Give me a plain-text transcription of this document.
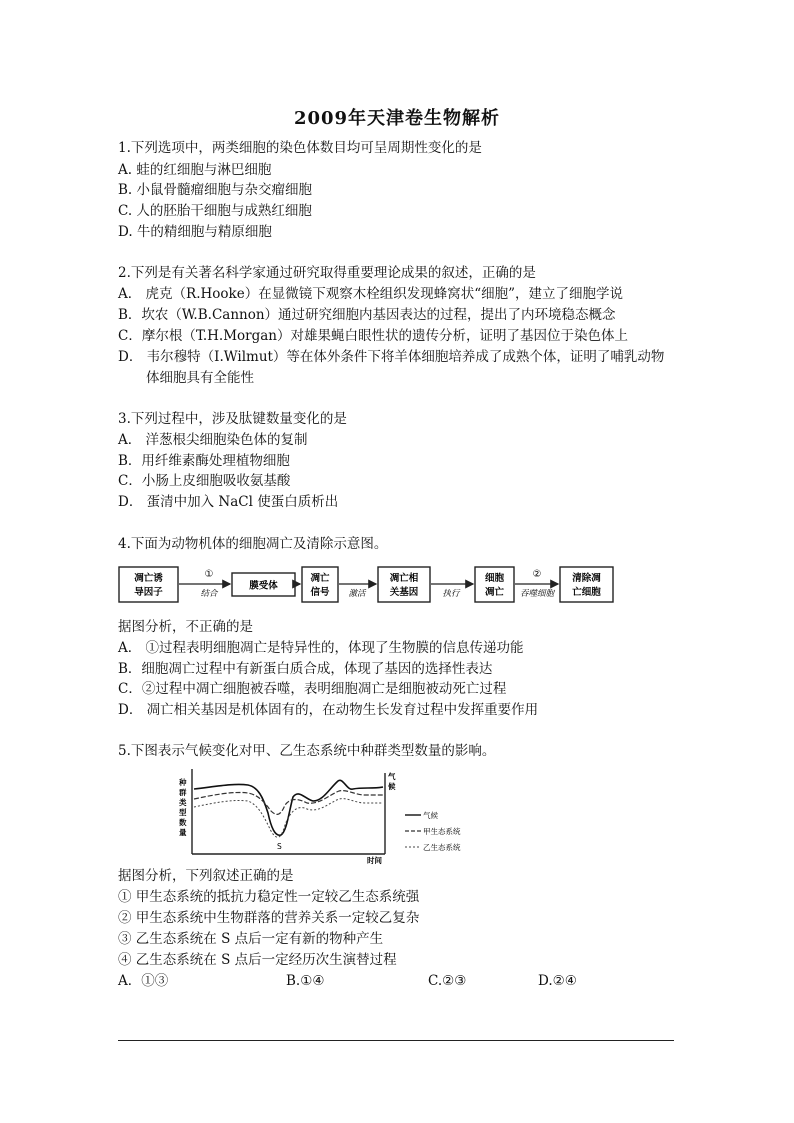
2009年天津卷生物解析
1.下列选项中，两类细胞的染色体数目均可呈周期性变化的是
A. 蛙的红细胞与淋巴细胞
B. 小鼠骨髓瘤细胞与杂交瘤细胞
C. 人的胚胎干细胞与成熟红细胞
D. 牛的精细胞与精原细胞
2.下列是有关著名科学家通过研究取得重要理论成果的叙述，正确的是
A． 虎克（R.Hooke）在显微镜下观察木栓组织发现蜂窝状“细胞”，建立了细胞学说
B．坎农（W.B.Cannon）通过研究细胞内基因表达的过程，提出了内环境稳态概念
C．摩尔根（T.H.Morgan）对雄果蝇白眼性状的遗传分析，证明了基因位于染色体上
D． 韦尔穆特（I.Wilmut）等在体外条件下将羊体细胞培养成了成熟个体，证明了哺乳动物
体细胞具有全能性
3.下列过程中，涉及肽键数量变化的是
A． 洋葱根尖细胞染色体的复制
B．用纤维素酶处理植物细胞
C．小肠上皮细胞吸收氨基酸
D． 蛋清中加入 NaCl 使蛋白质析出
4.下面为动物机体的细胞凋亡及清除示意图。
凋亡诱
导因子
①
结合
膜受体
凋亡
信号 激活
凋亡相
关基因	执行
细胞
凋亡
②
吞噬细胞
清除凋
亡细胞
据图分析，不正确的是
A． ①过程表明细胞凋亡是特异性的，体现了生物膜的信息传递功能
B．细胞凋亡过程中有新蛋白质合成，体现了基因的选择性表达
C．②过程中凋亡细胞被吞噬，表明细胞凋亡是细胞被动死亡过程
D． 凋亡相关基因是机体固有的，在动物生长发育过程中发挥重要作用
5.下图表示气候变化对甲、乙生态系统中种群类型数量的影响。
种 群 类 型 数 量
气 候
S
时间
气候
甲生态系统
乙生态系统
据图分析，下列叙述正确的是
① 甲生态系统的抵抗力稳定性一定较乙生态系统强
② 甲生态系统中生物群落的营养关系一定较乙复杂
③ 乙生态系统在 S 点后一定有新的物种产生
④ 乙生态系统在 S 点后一定经历次生演替过程
A．①③	B.①④	C.②③	D.②④
